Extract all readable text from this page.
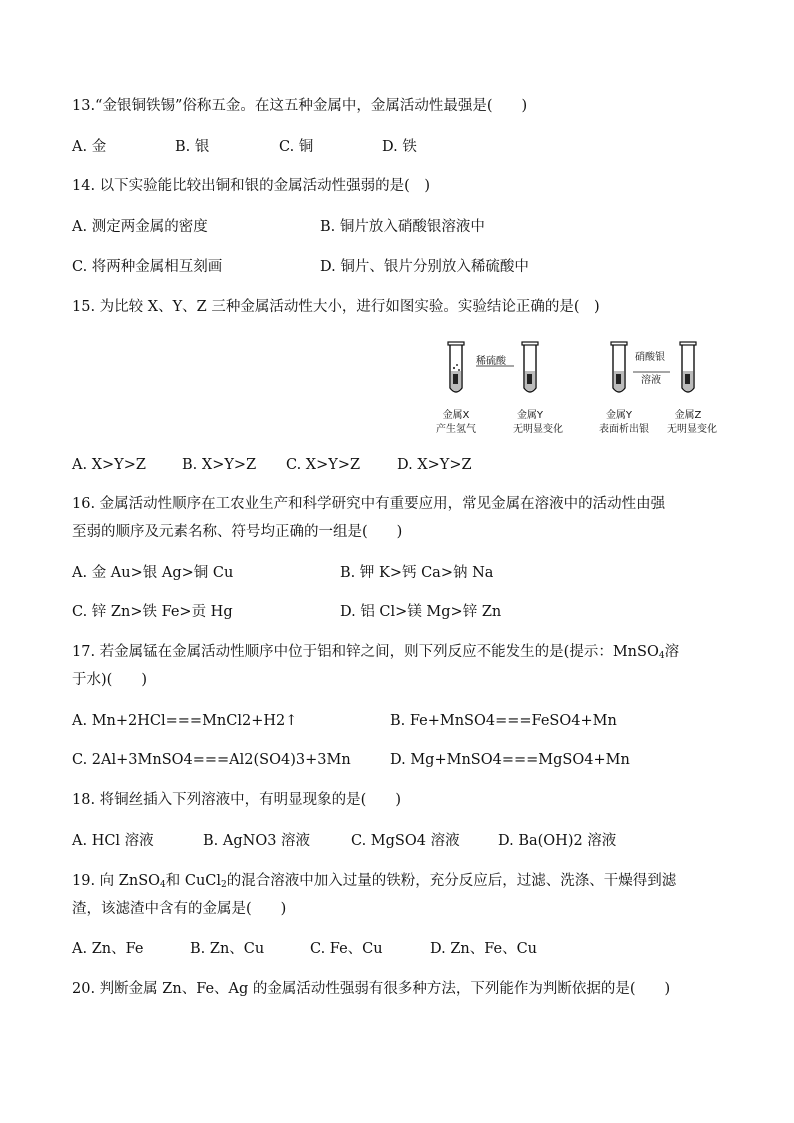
13.“金银铜铁锡”俗称五金。在这五种金属中，金属活动性最强是(　　)
A. 金	B. 银	C. 铜	D. 铁
14. 以下实验能比较出铜和银的金属活动性强弱的是(　)
A. 测定两金属的密度	B. 铜片放入硝酸银溶液中
C. 将两种金属相互刻画	D. 铜片、银片分别放入稀硫酸中
15. 为比较 X、Y、Z 三种金属活动性大小，进行如图实验。实验结论正确的是(　)
稀硫酸	硝酸银
溶液
金属X
产生氢气
金属Y
无明显变化
金属Y
表面析出银
金属Z
无明显变化
A. X>Y>Z B. X>Y>Z C. X>Y>Z	D. X>Y>Z
16. 金属活动性顺序在工农业生产和科学研究中有重要应用，常见金属在溶液中的活动性由强
至弱的顺序及元素名称、符号均正确的一组是(　　)
A. 金 Au>银 Ag>铜 Cu	B. 钾 K>钙 Ca>钠 Na
C. 锌 Zn>铁 Fe>贡 Hg	D. 铝 Cl>镁 Mg>锌 Zn
17. 若金属锰在金属活动性顺序中位于铝和锌之间，则下列反应不能发生的是(提示：MnSO$_4$溶
于水)(　　)
A. Mn+2HCl===MnCl2+H2↑	B. Fe+MnSO4===FeSO4+Mn
C. 2Al+3MnSO4===Al2(SO4)3+3Mn	D. Mg+MnSO4===MgSO4+Mn
18. 将铜丝插入下列溶液中，有明显现象的是(　　)
A. HCl 溶液	B. AgNO3 溶液	C. MgSO4 溶液	D. Ba(OH)2 溶液
19. 向 ZnSO$_4$和 CuCl$_2$的混合溶液中加入过量的铁粉，充分反应后，过滤、洗涤、干燥得到滤
渣，该滤渣中含有的金属是(　　)
A. Zn、Fe	B. Zn、Cu	C. Fe、Cu	D. Zn、Fe、Cu
20. 判断金属 Zn、Fe、Ag 的金属活动性强弱有很多种方法，下列能作为判断依据的是(　　)
